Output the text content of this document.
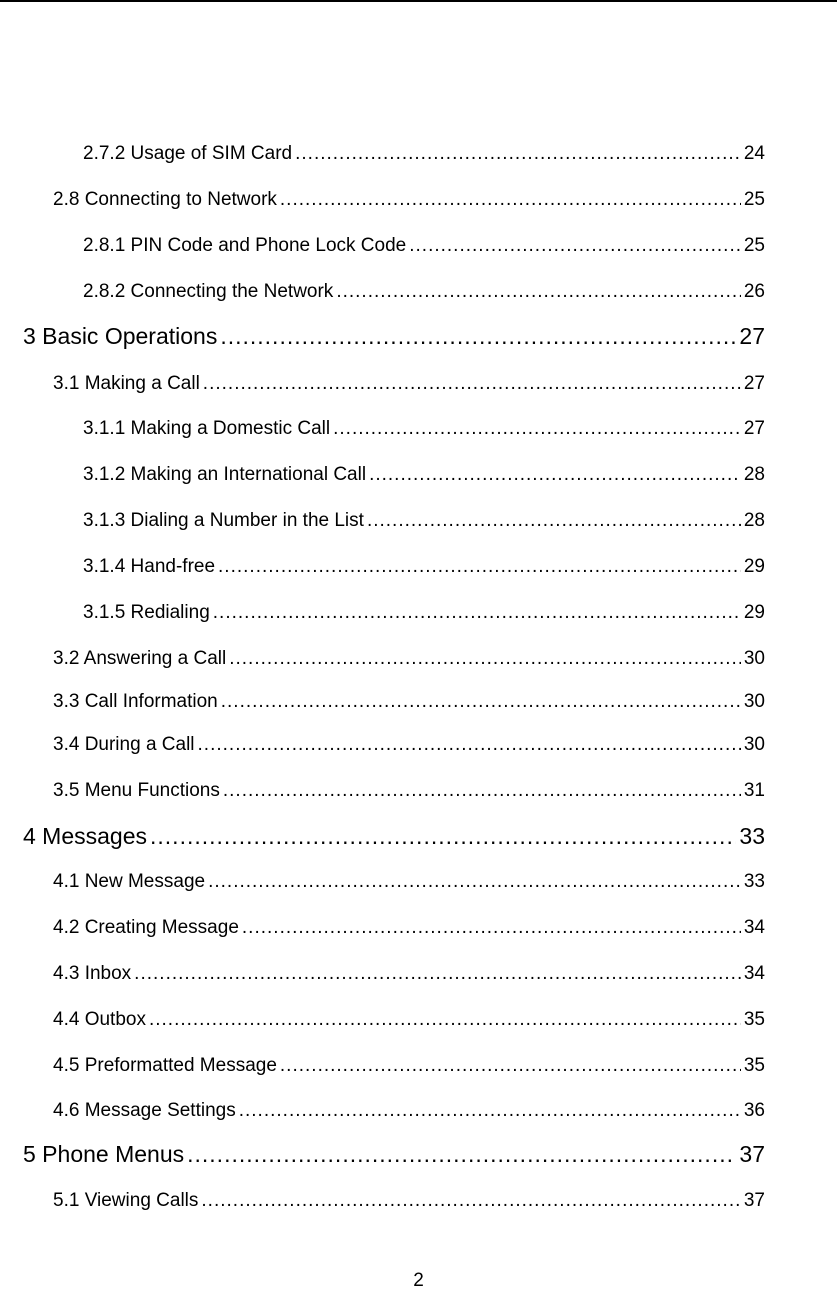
2.7.2 Usage of SIM Card .....	24
2.8 Connecting to Network .....	25
2.8.1 PIN Code and Phone Lock Code .....	25
2.8.2 Connecting the Network .....	26
3 Basic Operations .....	27
3.1 Making a Call .....	27
3.1.1 Making a Domestic Call .....	27
3.1.2 Making an International Call .....	28
3.1.3 Dialing a Number in the List .....	28
3.1.4 Hand-free .....	29
3.1.5 Redialing .....	29
3.2 Answering a Call .....	30
3.3 Call Information .....	30
3.4 During a Call .....	30
3.5 Menu Functions .....	31
4 Messages .....	33
4.1 New Message .....	33
4.2 Creating Message .....	34
4.3 Inbox .....	34
4.4 Outbox .....	35
4.5 Preformatted Message .....	35
4.6 Message Settings .....	36
5 Phone Menus .....	37
5.1 Viewing Calls .....	37
2
